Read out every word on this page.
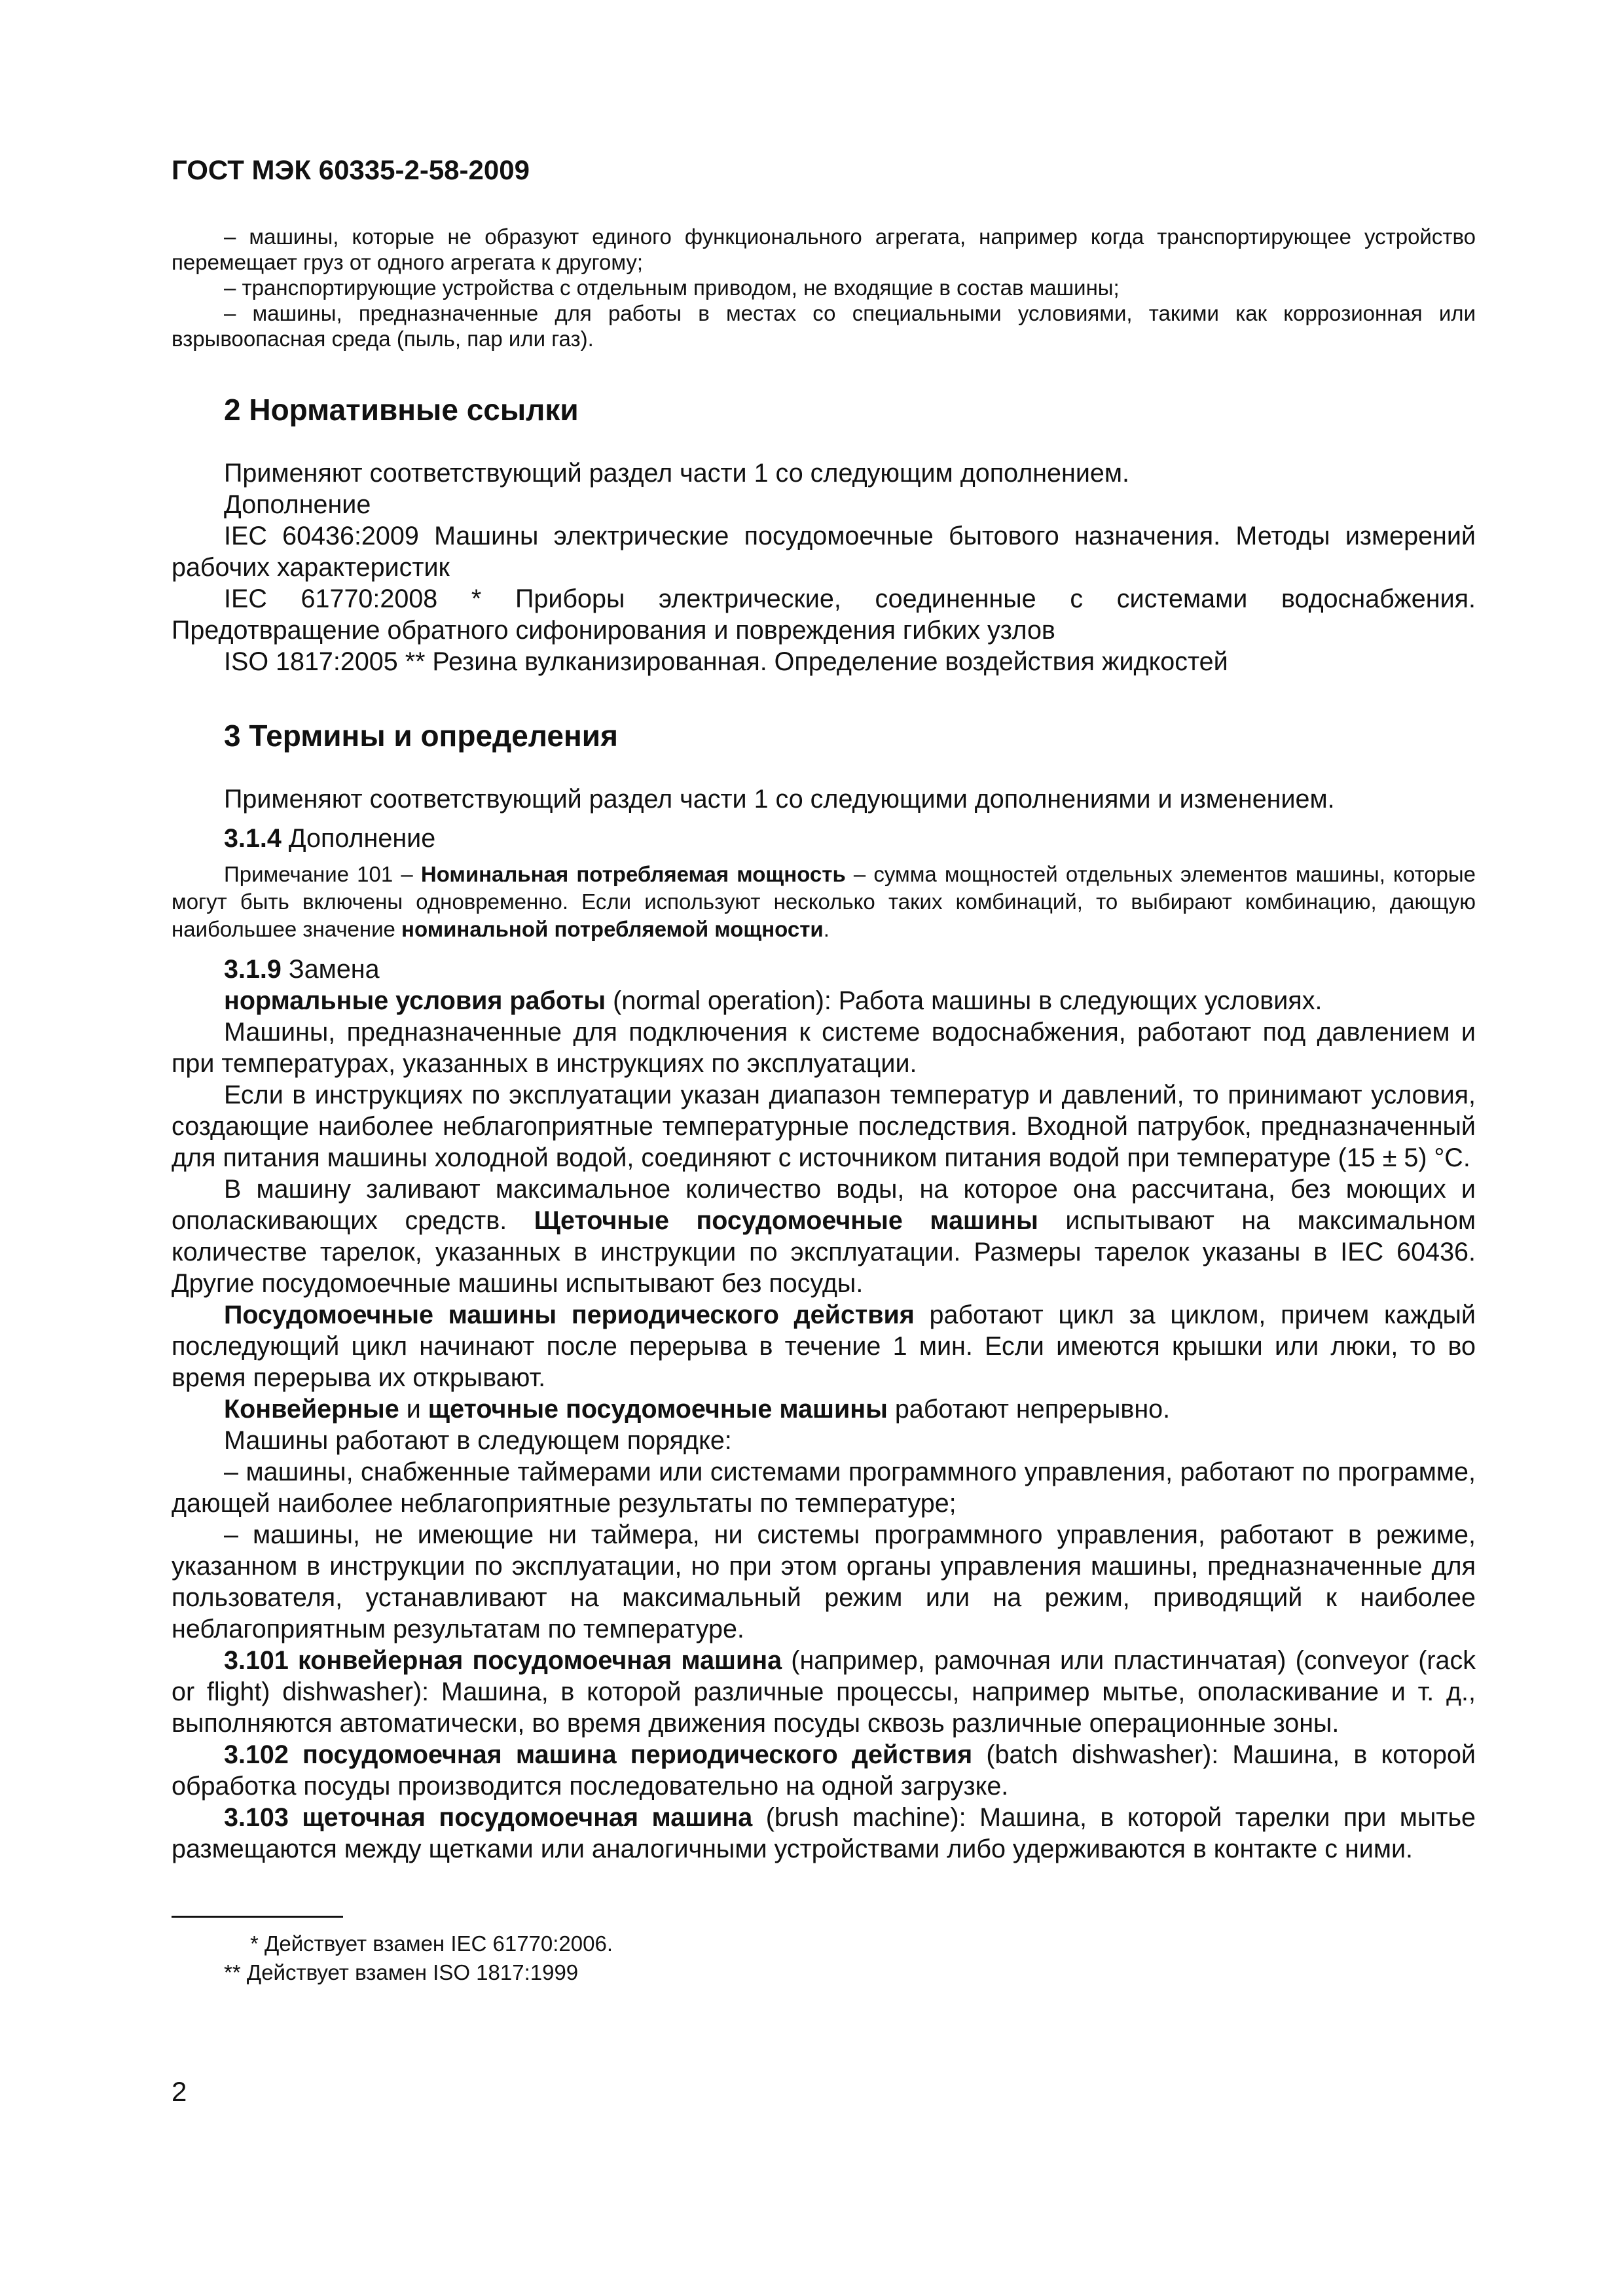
ГОСТ МЭК 60335-2-58-2009

– машины, которые не образуют единого функционального агрегата, например когда транспортирующее устройство перемещает груз от одного агрегата к другому;

– транспортирующие устройства с отдельным приводом, не входящие в состав машины;

– машины, предназначенные для работы в местах со специальными условиями, такими как коррозионная или взрывоопасная среда (пыль, пар или газ).

2 Нормативные ссылки

Применяют соответствующий раздел части 1 со следующим дополнением.

Дополнение

IEC 60436:2009 Машины электрические посудомоечные бытового назначения. Методы измерений рабочих характеристик

IEC 61770:2008 * Приборы электрические, соединенные с системами водоснабжения. Предотвращение обратного сифонирования и повреждения гибких узлов

ISO 1817:2005 ** Резина вулканизированная. Определение воздействия жидкостей

3 Термины и определения

Применяют соответствующий раздел части 1 со следующими дополнениями и изменением.

3.1.4 Дополнение

Примечание 101 – Номинальная потребляемая мощность – сумма мощностей отдельных элементов машины, которые могут быть включены одновременно. Если используют несколько таких комбинаций, то выбирают комбинацию, дающую наибольшее значение номинальной потребляемой мощности.

3.1.9 Замена

нормальные условия работы (normal operation): Работа машины в следующих условиях.

Машины, предназначенные для подключения к системе водоснабжения, работают под давлением и при температурах, указанных в инструкциях по эксплуатации.

Если в инструкциях по эксплуатации указан диапазон температур и давлений, то принимают условия, создающие наиболее неблагоприятные температурные последствия. Входной патрубок, предназначенный для питания машины холодной водой, соединяют с источником питания водой при температуре (15 ± 5) °C.

В машину заливают максимальное количество воды, на которое она рассчитана, без моющих и ополаскивающих средств. Щеточные посудомоечные машины испытывают на максимальном количестве тарелок, указанных в инструкции по эксплуатации. Размеры тарелок указаны в IEC 60436. Другие посудомоечные машины испытывают без посуды.

Посудомоечные машины периодического действия работают цикл за циклом, причем каждый последующий цикл начинают после перерыва в течение 1 мин. Если имеются крышки или люки, то во время перерыва их открывают.

Конвейерные и щеточные посудомоечные машины работают непрерывно.

Машины работают в следующем порядке:

– машины, снабженные таймерами или системами программного управления, работают по программе, дающей наиболее неблагоприятные результаты по температуре;

– машины, не имеющие ни таймера, ни системы программного управления, работают в режиме, указанном в инструкции по эксплуатации, но при этом органы управления машины, предназначенные для пользователя, устанавливают на максимальный режим или на режим, приводящий к наиболее неблагоприятным результатам по температуре.

3.101 конвейерная посудомоечная машина (например, рамочная или пластинчатая) (conveyor (rack or flight) dishwasher): Машина, в которой различные процессы, например мытье, ополаскивание и т. д., выполняются автоматически, во время движения посуды сквозь различные операционные зоны.

3.102 посудомоечная машина периодического действия (batch dishwasher): Машина, в которой обработка посуды производится последовательно на одной загрузке.

3.103 щеточная посудомоечная машина (brush machine): Машина, в которой тарелки при мытье размещаются между щетками или аналогичными устройствами либо удерживаются в контакте с ними.

* Действует взамен IEC 61770:2006.

** Действует взамен ISO 1817:1999

2
